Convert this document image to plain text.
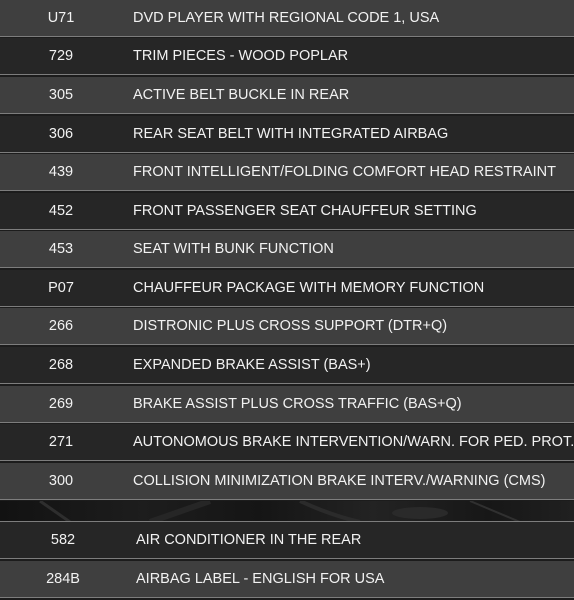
U71	DVD PLAYER WITH REGIONAL CODE 1, USA
729	TRIM PIECES - WOOD POPLAR
305	ACTIVE BELT BUCKLE IN REAR
306	REAR SEAT BELT WITH INTEGRATED AIRBAG
439	FRONT INTELLIGENT/FOLDING COMFORT HEAD RESTRAINT
452	FRONT PASSENGER SEAT CHAUFFEUR SETTING
453	SEAT WITH BUNK FUNCTION
P07	CHAUFFEUR PACKAGE WITH MEMORY FUNCTION
266	DISTRONIC PLUS CROSS SUPPORT (DTR+Q)
268	EXPANDED BRAKE ASSIST (BAS+)
269	BRAKE ASSIST PLUS CROSS TRAFFIC (BAS+Q)
271	AUTONOMOUS BRAKE INTERVENTION/WARN. FOR PED. PROT.
300	COLLISION MINIMIZATION BRAKE INTERV./WARNING (CMS)
582	AIR CONDITIONER IN THE REAR
284B	AIRBAG LABEL - ENGLISH FOR USA
